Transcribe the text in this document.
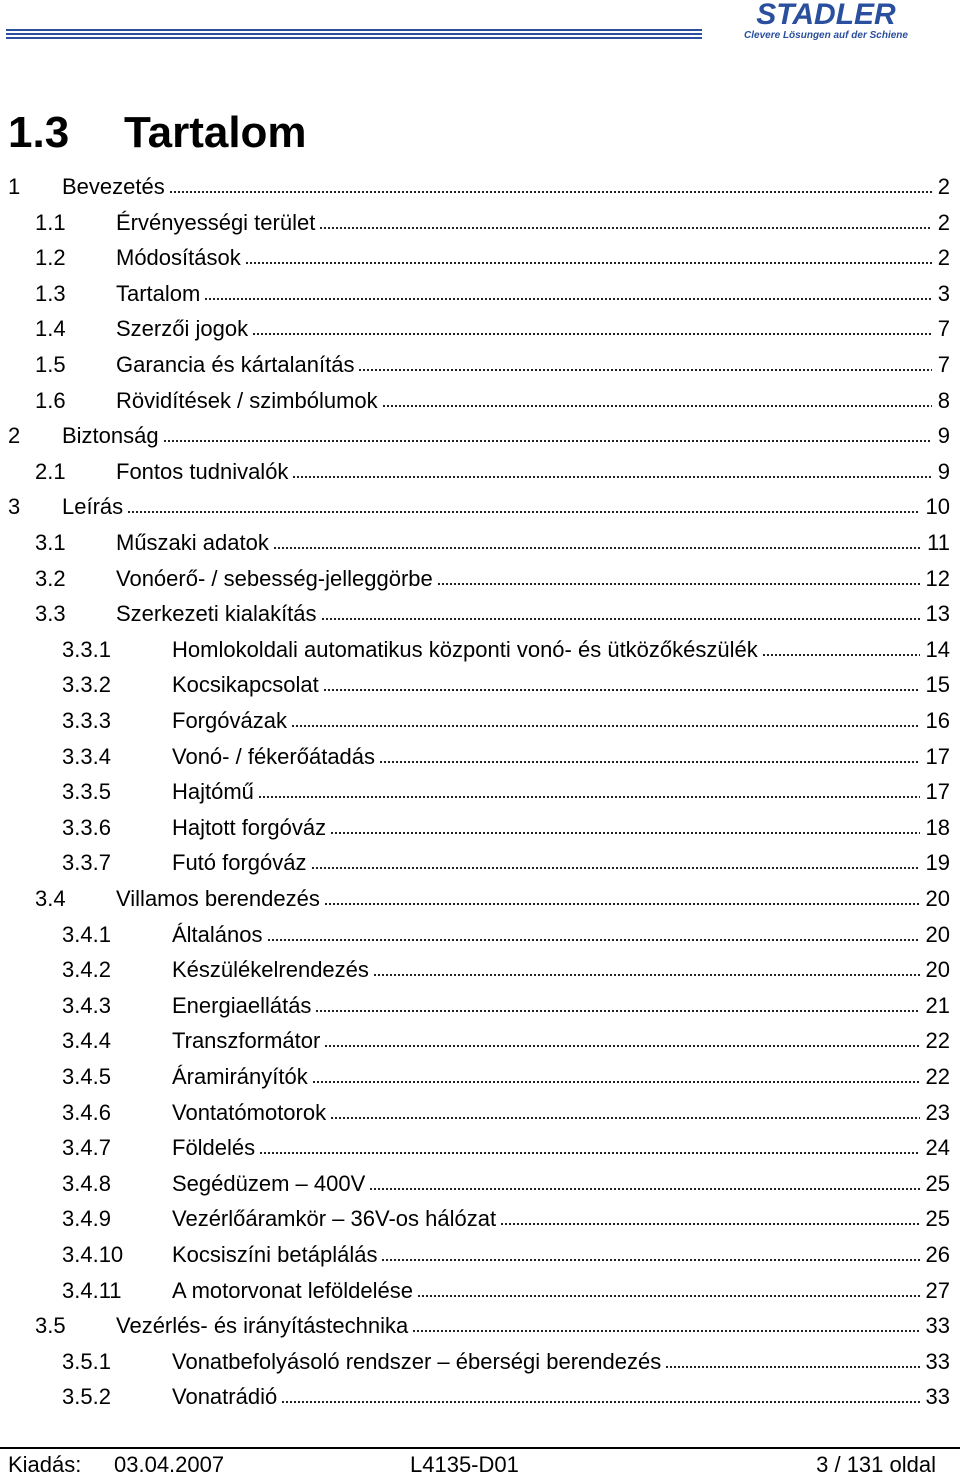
STADLER
Clevere Lösungen auf der Schiene
1.3 Tartalom
1	Bevezetés	2
1.1	Érvényességi terület	2
1.2	Módosítások	2
1.3	Tartalom	3
1.4	Szerzői jogok	7
1.5	Garancia és kártalanítás	7
1.6	Rövidítések / szimbólumok	8
2	Biztonság	9
2.1	Fontos tudnivalók	9
3	Leírás	10
3.1	Műszaki adatok	11
3.2	Vonóerő- / sebesség-jelleggörbe	12
3.3	Szerkezeti kialakítás	13
3.3.1	Homlokoldali automatikus központi vonó- és ütközőkészülék	14
3.3.2	Kocsikapcsolat	15
3.3.3	Forgóvázak	16
3.3.4	Vonó- / fékerőátadás	17
3.3.5	Hajtómű	17
3.3.6	Hajtott forgóváz	18
3.3.7	Futó forgóváz	19
3.4	Villamos berendezés	20
3.4.1	Általános	20
3.4.2	Készülékelrendezés	20
3.4.3	Energiaellátás	21
3.4.4	Transzformátor	22
3.4.5	Áramirányítók	22
3.4.6	Vontatómotorok	23
3.4.7	Földelés	24
3.4.8	Segédüzem – 400V	25
3.4.9	Vezérlőáramkör – 36V-os hálózat	25
3.4.10	Kocsiszíni betáplálás	26
3.4.11	A motorvonat leföldelése	27
3.5	Vezérlés- és irányítástechnika	33
3.5.1	Vonatbefolyásoló rendszer – éberségi berendezés	33
3.5.2	Vonatrádió	33
Kiadás: 03.04.2007	L4135-D01	3 / 131 oldal
